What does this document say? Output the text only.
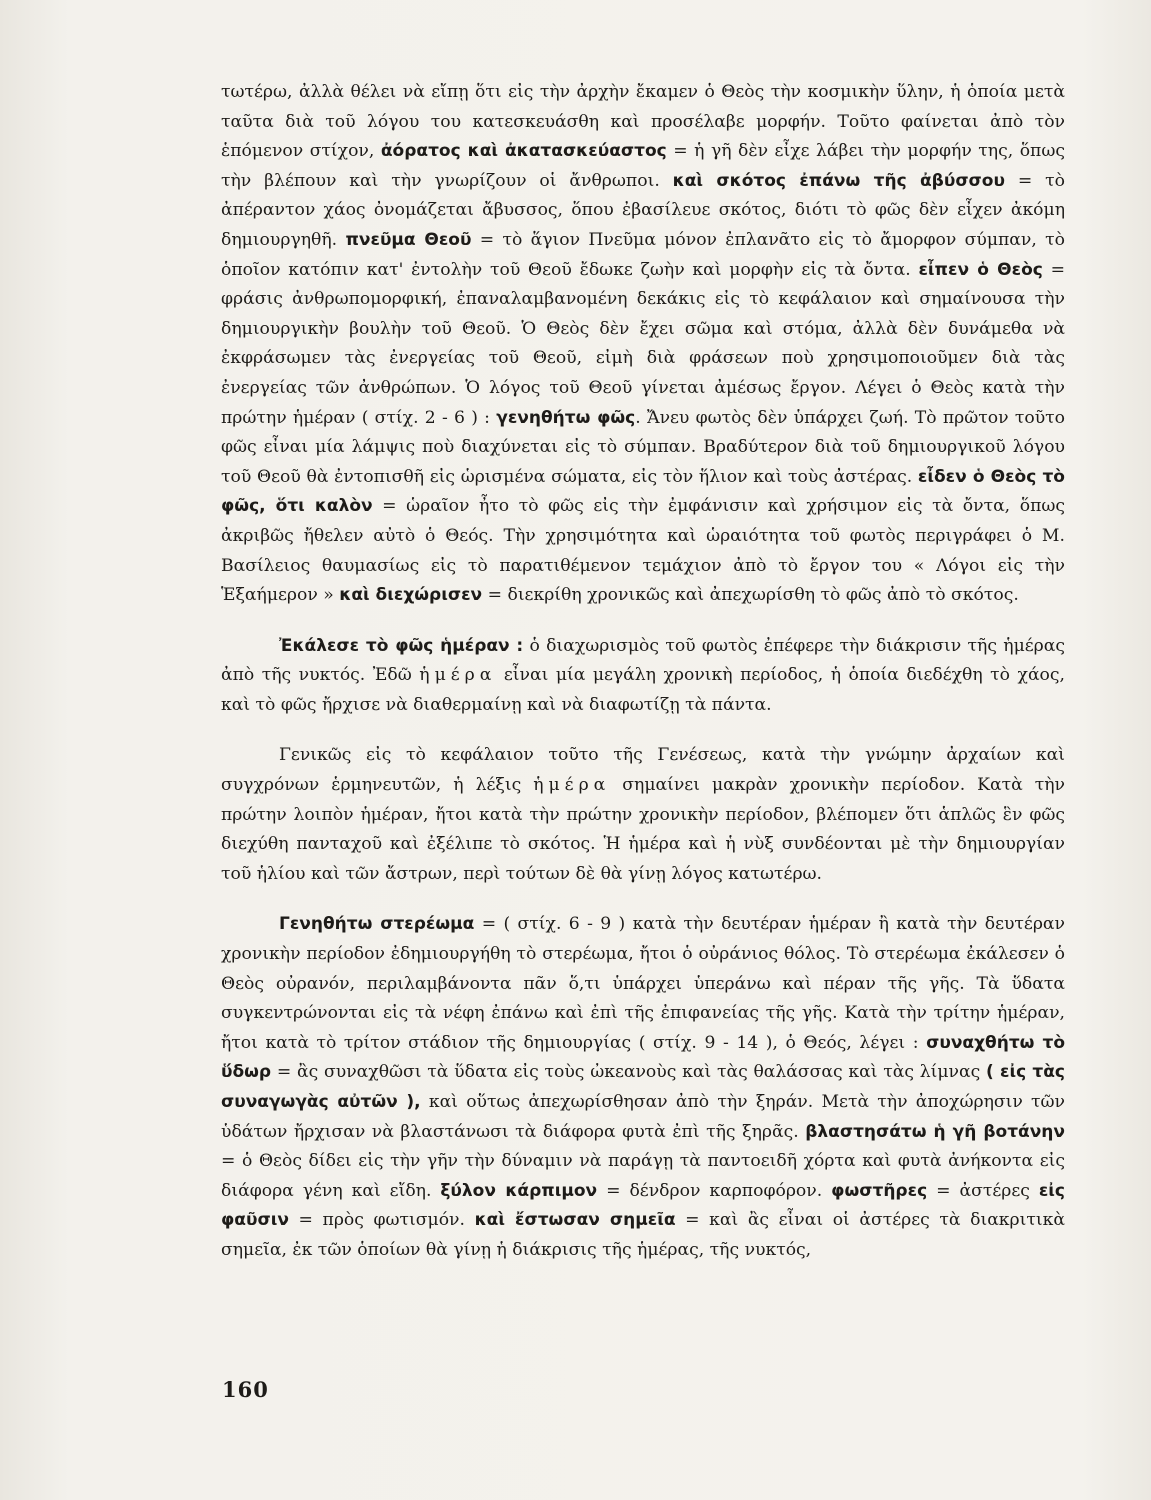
τωτέρω, ἀλλὰ θέλει νὰ εἴπῃ ὅτι εἰς τὴν ἀρχὴν ἔκαμεν ὁ Θεὸς τὴν κοσμικὴν ὕλην, ἡ ὁποία μετὰ ταῦτα διὰ τοῦ λόγου του κατεσκευάσθη καὶ προσέλαβε μορφήν. Τοῦτο φαίνεται ἀπὸ τὸν ἑπόμενον στίχον, ἀόρατος καὶ ἀκατασκεύαστος = ἡ γῆ δὲν εἶχε λάβει τὴν μορφήν της, ὅπως τὴν βλέπουν καὶ τὴν γνωρίζουν οἱ ἄνθρωποι. καὶ σκότος ἐπάνω τῆς ἀβύσσου = τὸ ἀπέραντον χάος ὀνομάζεται ἄβυσσος, ὅπου ἐβασίλευε σκότος, διότι τὸ φῶς δὲν εἶχεν ἀκόμη δημιουργηθῆ. πνεῦμα Θεοῦ = τὸ ἅγιον Πνεῦμα μόνον ἐπλανᾶτο εἰς τὸ ἄμορφον σύμπαν, τὸ ὁποῖον κατόπιν κατ' ἐντολὴν τοῦ Θεοῦ ἔδωκε ζωὴν καὶ μορφὴν εἰς τὰ ὄντα. εἶπεν ὁ Θεὸς = φράσις ἀνθρωπομορφική, ἐπαναλαμβανομένη δεκάκις εἰς τὸ κεφάλαιον καὶ σημαίνουσα τὴν δημιουργικὴν βουλὴν τοῦ Θεοῦ. Ὁ Θεὸς δὲν ἔχει σῶμα καὶ στόμα, ἀλλὰ δὲν δυνάμεθα νὰ ἐκφράσωμεν τὰς ἐνεργείας τοῦ Θεοῦ, εἰμὴ διὰ φράσεων ποὺ χρησιμοποιοῦμεν διὰ τὰς ἐνεργείας τῶν ἀνθρώπων. Ὁ λόγος τοῦ Θεοῦ γίνεται ἀμέσως ἔργον. Λέγει ὁ Θεὸς κατὰ τὴν πρώτην ἡμέραν ( στίχ. 2 - 6 ) : γενηθήτω φῶς. Ἄνευ φωτὸς δὲν ὑπάρχει ζωή. Τὸ πρῶτον τοῦτο φῶς εἶναι μία λάμψις ποὺ διαχύνεται εἰς τὸ σύμπαν. Βραδύτερον διὰ τοῦ δημιουργικοῦ λόγου τοῦ Θεοῦ θὰ ἐντοπισθῆ εἰς ὡρισμένα σώματα, εἰς τὸν ἥλιον καὶ τοὺς ἀστέρας. εἶδεν ὁ Θεὸς τὸ φῶς, ὅτι καλὸν = ὡραῖον ἦτο τὸ φῶς εἰς τὴν ἐμφάνισιν καὶ χρήσιμον εἰς τὰ ὄντα, ὅπως ἀκριβῶς ἤθελεν αὐτὸ ὁ Θεός. Τὴν χρησιμότητα καὶ ὡραιότητα τοῦ φωτὸς περιγράφει ὁ Μ. Βασίλειος θαυμασίως εἰς τὸ παρατιθέμενον τεμάχιον ἀπὸ τὸ ἔργον του « Λόγοι εἰς τὴν Ἑξαήμερον » καὶ διεχώρισεν = διεκρίθη χρονικῶς καὶ ἀπεχωρίσθη τὸ φῶς ἀπὸ τὸ σκότος.

Ἐκάλεσε τὸ φῶς ἡμέραν : ὁ διαχωρισμὸς τοῦ φωτὸς ἐπέφερε τὴν διάκρισιν τῆς ἡμέρας ἀπὸ τῆς νυκτός. Ἐδῶ ἡμέρα εἶναι μία μεγάλη χρονικὴ περίοδος, ἡ ὁποία διεδέχθη τὸ χάος, καὶ τὸ φῶς ἤρχισε νὰ διαθερμαίνῃ καὶ νὰ διαφωτίζῃ τὰ πάντα.

Γενικῶς εἰς τὸ κεφάλαιον τοῦτο τῆς Γενέσεως, κατὰ τὴν γνώμην ἀρχαίων καὶ συγχρόνων ἑρμηνευτῶν, ἡ λέξις ἡμέρα σημαίνει μακρὰν χρονικὴν περίοδον. Κατὰ τὴν πρώτην λοιπὸν ἡμέραν, ἤτοι κατὰ τὴν πρώτην χρονικὴν περίοδον, βλέπομεν ὅτι ἁπλῶς ἓν φῶς διεχύθη πανταχοῦ καὶ ἐξέλιπε τὸ σκότος. Ἡ ἡμέρα καὶ ἡ νὺξ συνδέονται μὲ τὴν δημιουργίαν τοῦ ἡλίου καὶ τῶν ἄστρων, περὶ τούτων δὲ θὰ γίνῃ λόγος κατωτέρω.

Γενηθήτω στερέωμα = ( στίχ. 6 - 9 ) κατὰ τὴν δευτέραν ἡμέραν ἢ κατὰ τὴν δευτέραν χρονικὴν περίοδον ἐδημιουργήθη τὸ στερέωμα, ἤτοι ὁ οὐράνιος θόλος. Τὸ στερέωμα ἐκάλεσεν ὁ Θεὸς οὐρανόν, περιλαμβάνοντα πᾶν ὅ,τι ὑπάρχει ὑπεράνω καὶ πέραν τῆς γῆς. Τὰ ὕδατα συγκεντρώνονται εἰς τὰ νέφη ἐπάνω καὶ ἐπὶ τῆς ἐπιφανείας τῆς γῆς. Κατὰ τὴν τρίτην ἡμέραν, ἤτοι κατὰ τὸ τρίτον στάδιον τῆς δημιουργίας ( στίχ. 9 - 14 ), ὁ Θεός, λέγει : συναχθήτω τὸ ὕδωρ = ἂς συναχθῶσι τὰ ὕδατα εἰς τοὺς ὠκεανοὺς καὶ τὰς θαλάσσας καὶ τὰς λίμνας ( εἰς τὰς συναγωγὰς αὐτῶν ), καὶ οὕτως ἀπεχωρίσθησαν ἀπὸ τὴν ξηράν. Μετὰ τὴν ἀποχώρησιν τῶν ὑδάτων ἤρχισαν νὰ βλαστάνωσι τὰ διάφορα φυτὰ ἐπὶ τῆς ξηρᾶς. βλαστησάτω ἡ γῆ βοτάνην = ὁ Θεὸς δίδει εἰς τὴν γῆν τὴν δύναμιν νὰ παράγῃ τὰ παντοειδῆ χόρτα καὶ φυτὰ ἀνήκοντα εἰς διάφορα γένη καὶ εἴδη. ξύλον κάρπιμον = δένδρον καρποφόρον. φωστῆρες = ἀστέρες εἰς φαῦσιν = πρὸς φωτισμόν. καὶ ἔστωσαν σημεῖα = καὶ ἂς εἶναι οἱ ἀστέρες τὰ διακριτικὰ σημεῖα, ἐκ τῶν ὁποίων θὰ γίνῃ ἡ διάκρισις τῆς ἡμέρας, τῆς νυκτός,

160
